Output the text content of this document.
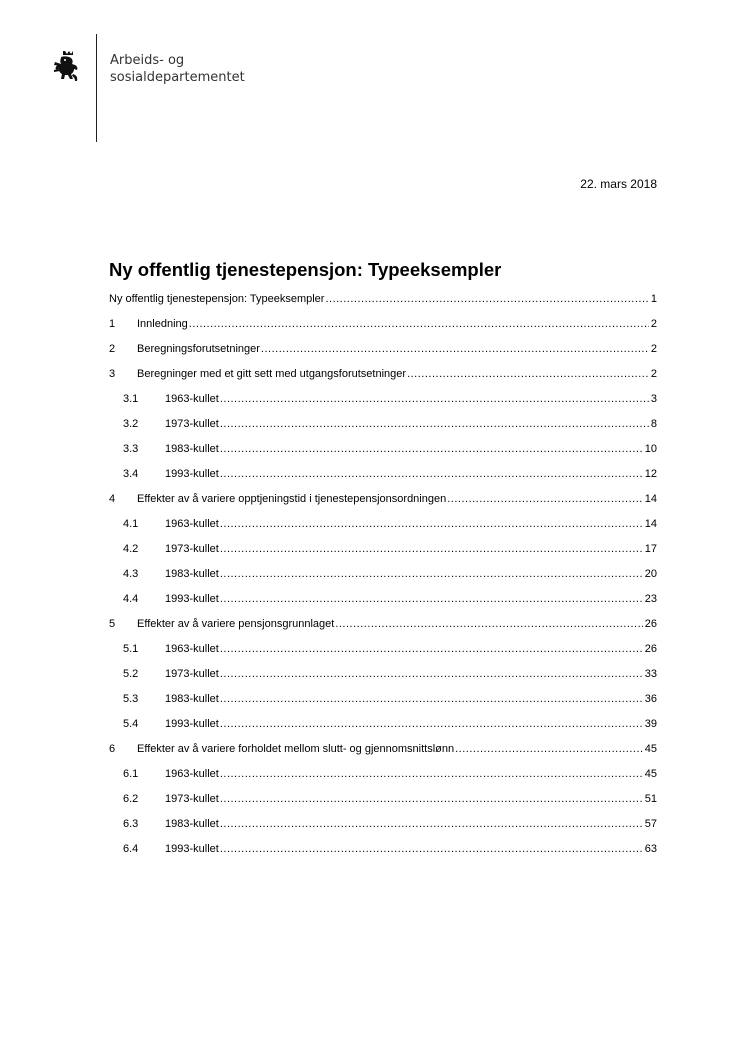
Arbeids- og
sosialdepartementet
22. mars 2018
Ny offentlig tjenestepensjon: Typeeksempler
Ny offentlig tjenestepensjon: Typeeksempler .....	1
1	Innledning .....	2
2	Beregningsforutsetninger .....	2
3	Beregninger med et gitt sett med utgangsforutsetninger .....	2
3.1	1963-kullet .....	3
3.2	1973-kullet .....	8
3.3	1983-kullet .....	10
3.4	1993-kullet .....	12
4	Effekter av å variere opptjeningstid i tjenestepensjonsordningen .....	14
4.1	1963-kullet .....	14
4.2	1973-kullet .....	17
4.3	1983-kullet .....	20
4.4	1993-kullet .....	23
5	Effekter av å variere pensjonsgrunnlaget .....	26
5.1	1963-kullet .....	26
5.2	1973-kullet .....	33
5.3	1983-kullet .....	36
5.4	1993-kullet .....	39
6	Effekter av å variere forholdet mellom slutt- og gjennomsnittslønn .....	45
6.1	1963-kullet .....	45
6.2	1973-kullet .....	51
6.3	1983-kullet .....	57
6.4	1993-kullet .....	63
